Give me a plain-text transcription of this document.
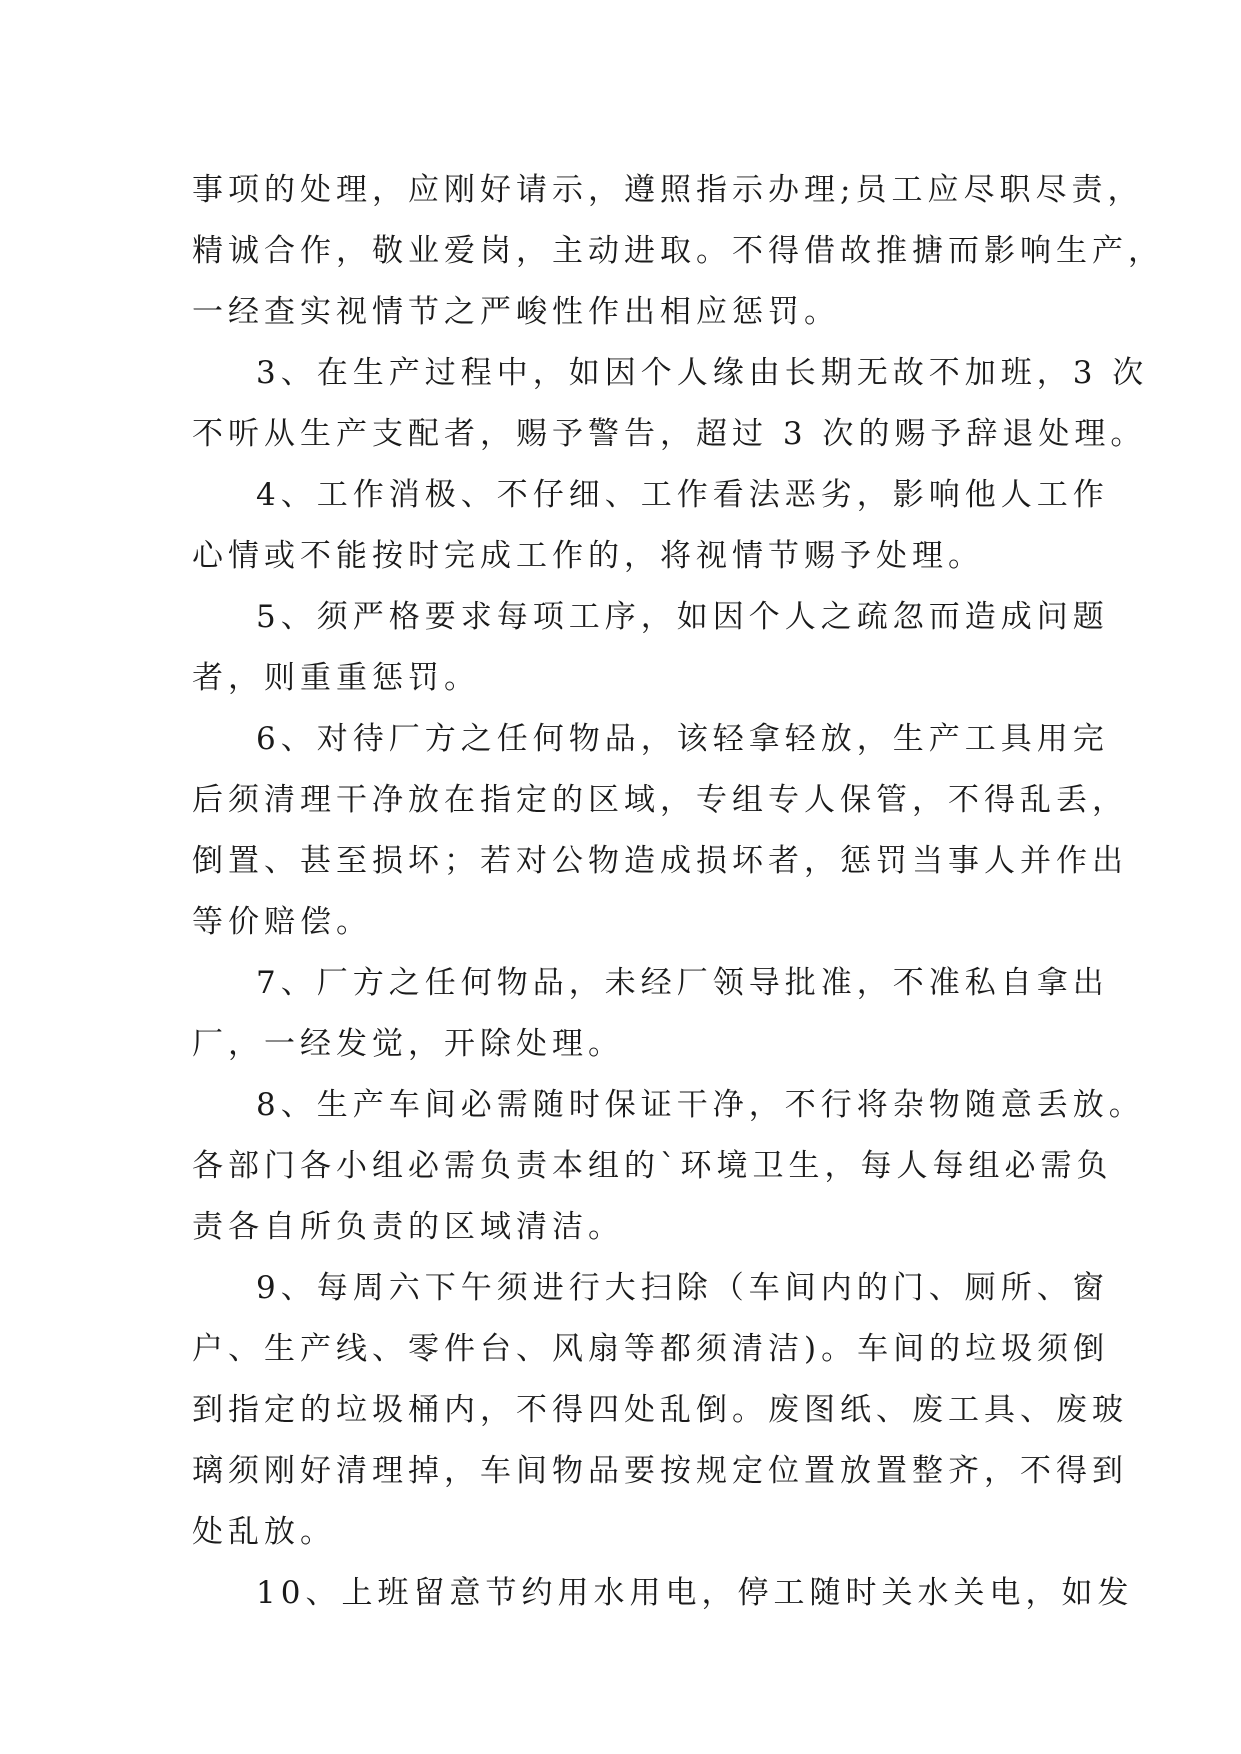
事项的处理，应刚好请示，遵照指示办理;员工应尽职尽责，
精诚合作，敬业爱岗，主动进取。不得借故推搪而影响生产，
一经查实视情节之严峻性作出相应惩罚。
3、在生产过程中，如因个人缘由长期无故不加班，3 次
不听从生产支配者，赐予警告，超过 3 次的赐予辞退处理。
4、工作消极、不仔细、工作看法恶劣，影响他人工作
心情或不能按时完成工作的，将视情节赐予处理。
5、须严格要求每项工序，如因个人之疏忽而造成问题
者，则重重惩罚。
6、对待厂方之任何物品，该轻拿轻放，生产工具用完
后须清理干净放在指定的区域，专组专人保管，不得乱丢，
倒置、甚至损坏；若对公物造成损坏者，惩罚当事人并作出
等价赔偿。
7、厂方之任何物品，未经厂领导批准，不准私自拿出
厂，一经发觉，开除处理。
8、生产车间必需随时保证干净，不行将杂物随意丢放。
各部门各小组必需负责本组的`环境卫生，每人每组必需负
责各自所负责的区域清洁。
9、每周六下午须进行大扫除（车间内的门、厕所、窗
户、生产线、零件台、风扇等都须清洁)。车间的垃圾须倒
到指定的垃圾桶内，不得四处乱倒。废图纸、废工具、废玻
璃须刚好清理掉，车间物品要按规定位置放置整齐，不得到
处乱放。
10、上班留意节约用水用电，停工随时关水关电，如发
